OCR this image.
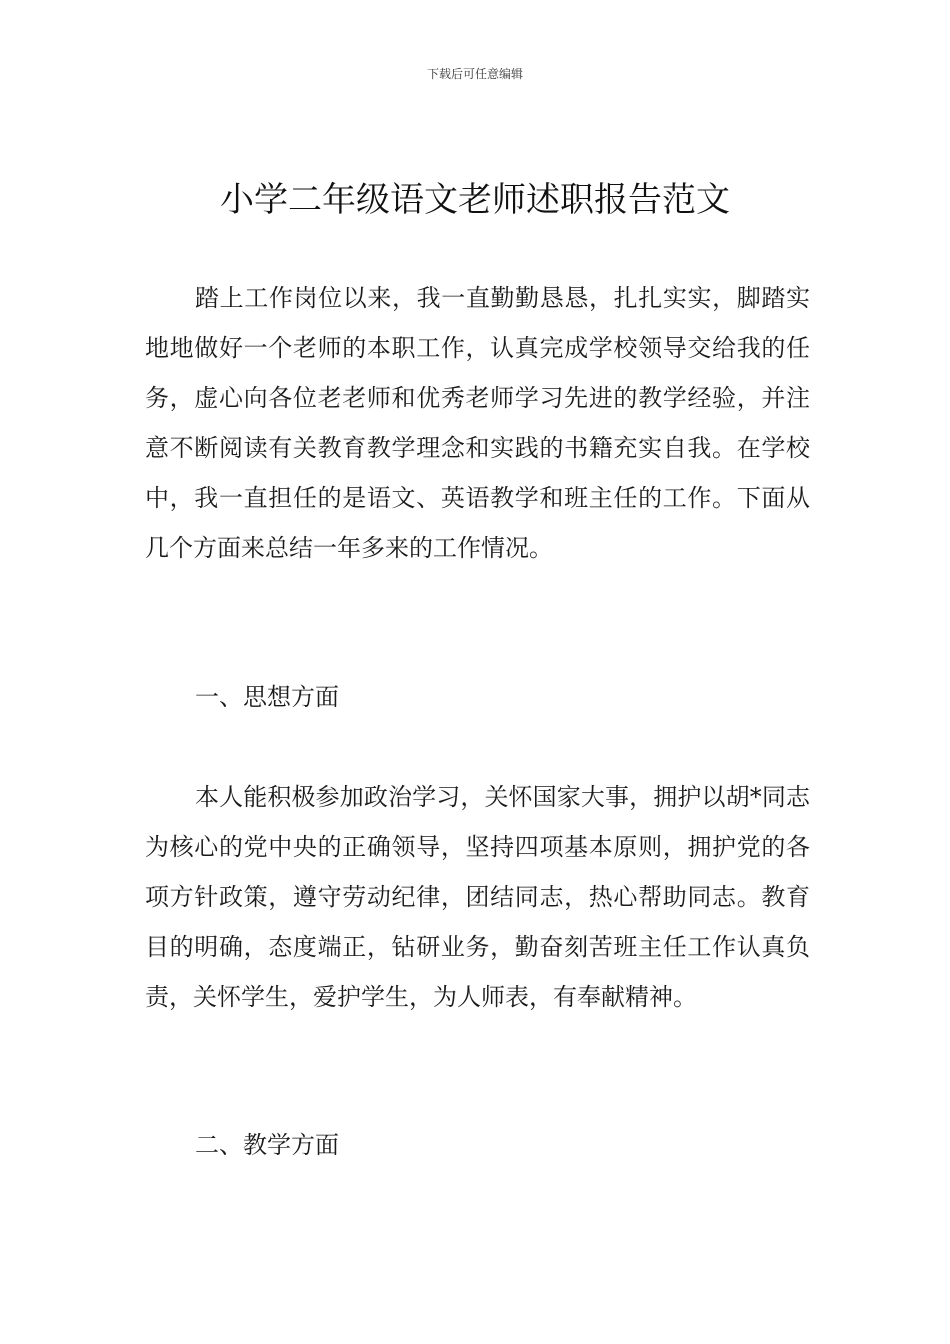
下载后可任意编辑
小学二年级语文老师述职报告范文

踏上工作岗位以来，我一直勤勤恳恳，扎扎实实，脚踏实地地做好一个老师的本职工作，认真完成学校领导交给我的任务，虚心向各位老老师和优秀老师学习先进的教学经验，并注意不断阅读有关教育教学理念和实践的书籍充实自我。在学校中，我一直担任的是语文、英语教学和班主任的工作。下面从几个方面来总结一年多来的工作情况。

一、思想方面

本人能积极参加政治学习，关怀国家大事，拥护以胡*同志为核心的党中央的正确领导，坚持四项基本原则，拥护党的各项方针政策，遵守劳动纪律，团结同志，热心帮助同志。教育目的明确，态度端正，钻研业务，勤奋刻苦班主任工作认真负责，关怀学生，爱护学生，为人师表，有奉献精神。

二、教学方面
